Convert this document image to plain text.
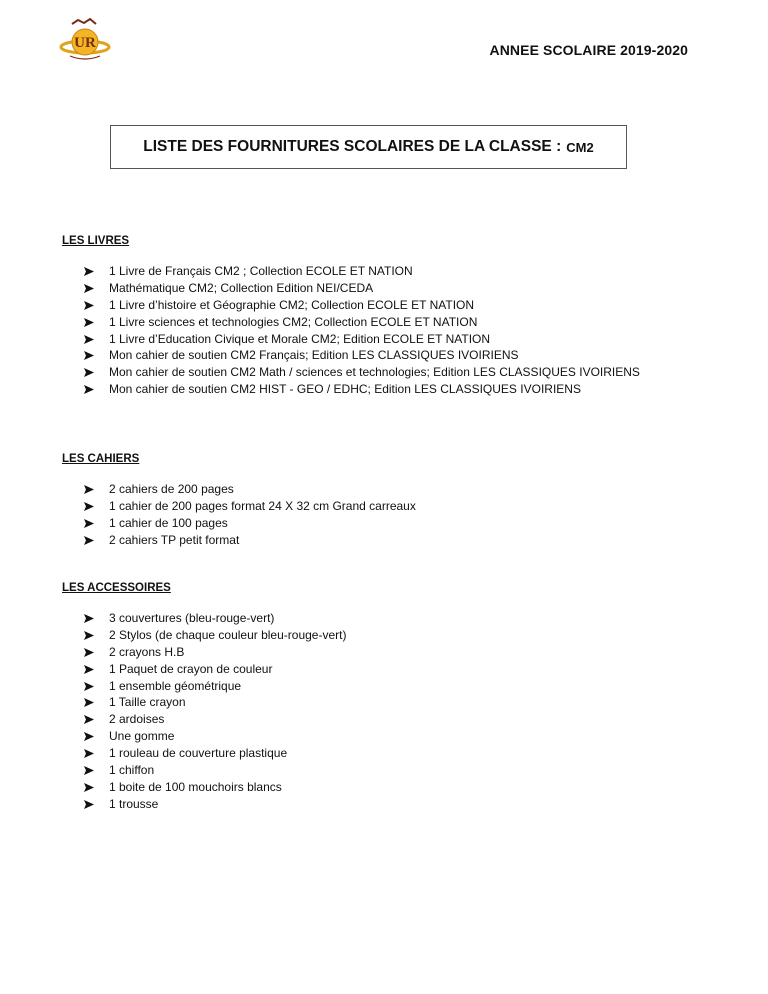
UR	ANNEE SCOLAIRE 2019-2020
LISTE DES FOURNITURES SCOLAIRES DE LA CLASSE : CM2
LES LIVRES
1 Livre de Français CM2 ; Collection ECOLE ET NATION
Mathématique CM2; Collection Edition NEI/CEDA
1 Livre d’histoire et Géographie CM2; Collection ECOLE ET NATION
1 Livre sciences et technologies CM2; Collection ECOLE ET NATION
1 Livre d’Education Civique et Morale CM2; Edition ECOLE ET NATION
Mon cahier de soutien CM2 Français; Edition LES CLASSIQUES IVOIRIENS
Mon cahier de soutien CM2 Math / sciences et technologies; Edition LES CLASSIQUES IVOIRIENS
Mon cahier de soutien CM2 HIST - GEO / EDHC; Edition LES CLASSIQUES IVOIRIENS
LES CAHIERS
2 cahiers de 200 pages
1 cahier de 200 pages format 24 X 32 cm Grand carreaux
1 cahier de 100 pages
2 cahiers TP petit format
LES ACCESSOIRES
3 couvertures (bleu-rouge-vert)
2 Stylos (de chaque couleur bleu-rouge-vert)
2 crayons H.B
1 Paquet de crayon de couleur
1 ensemble géométrique
1 Taille crayon
2 ardoises
Une gomme
1 rouleau de couverture plastique
1 chiffon
1 boite de 100 mouchoirs blancs
1 trousse
